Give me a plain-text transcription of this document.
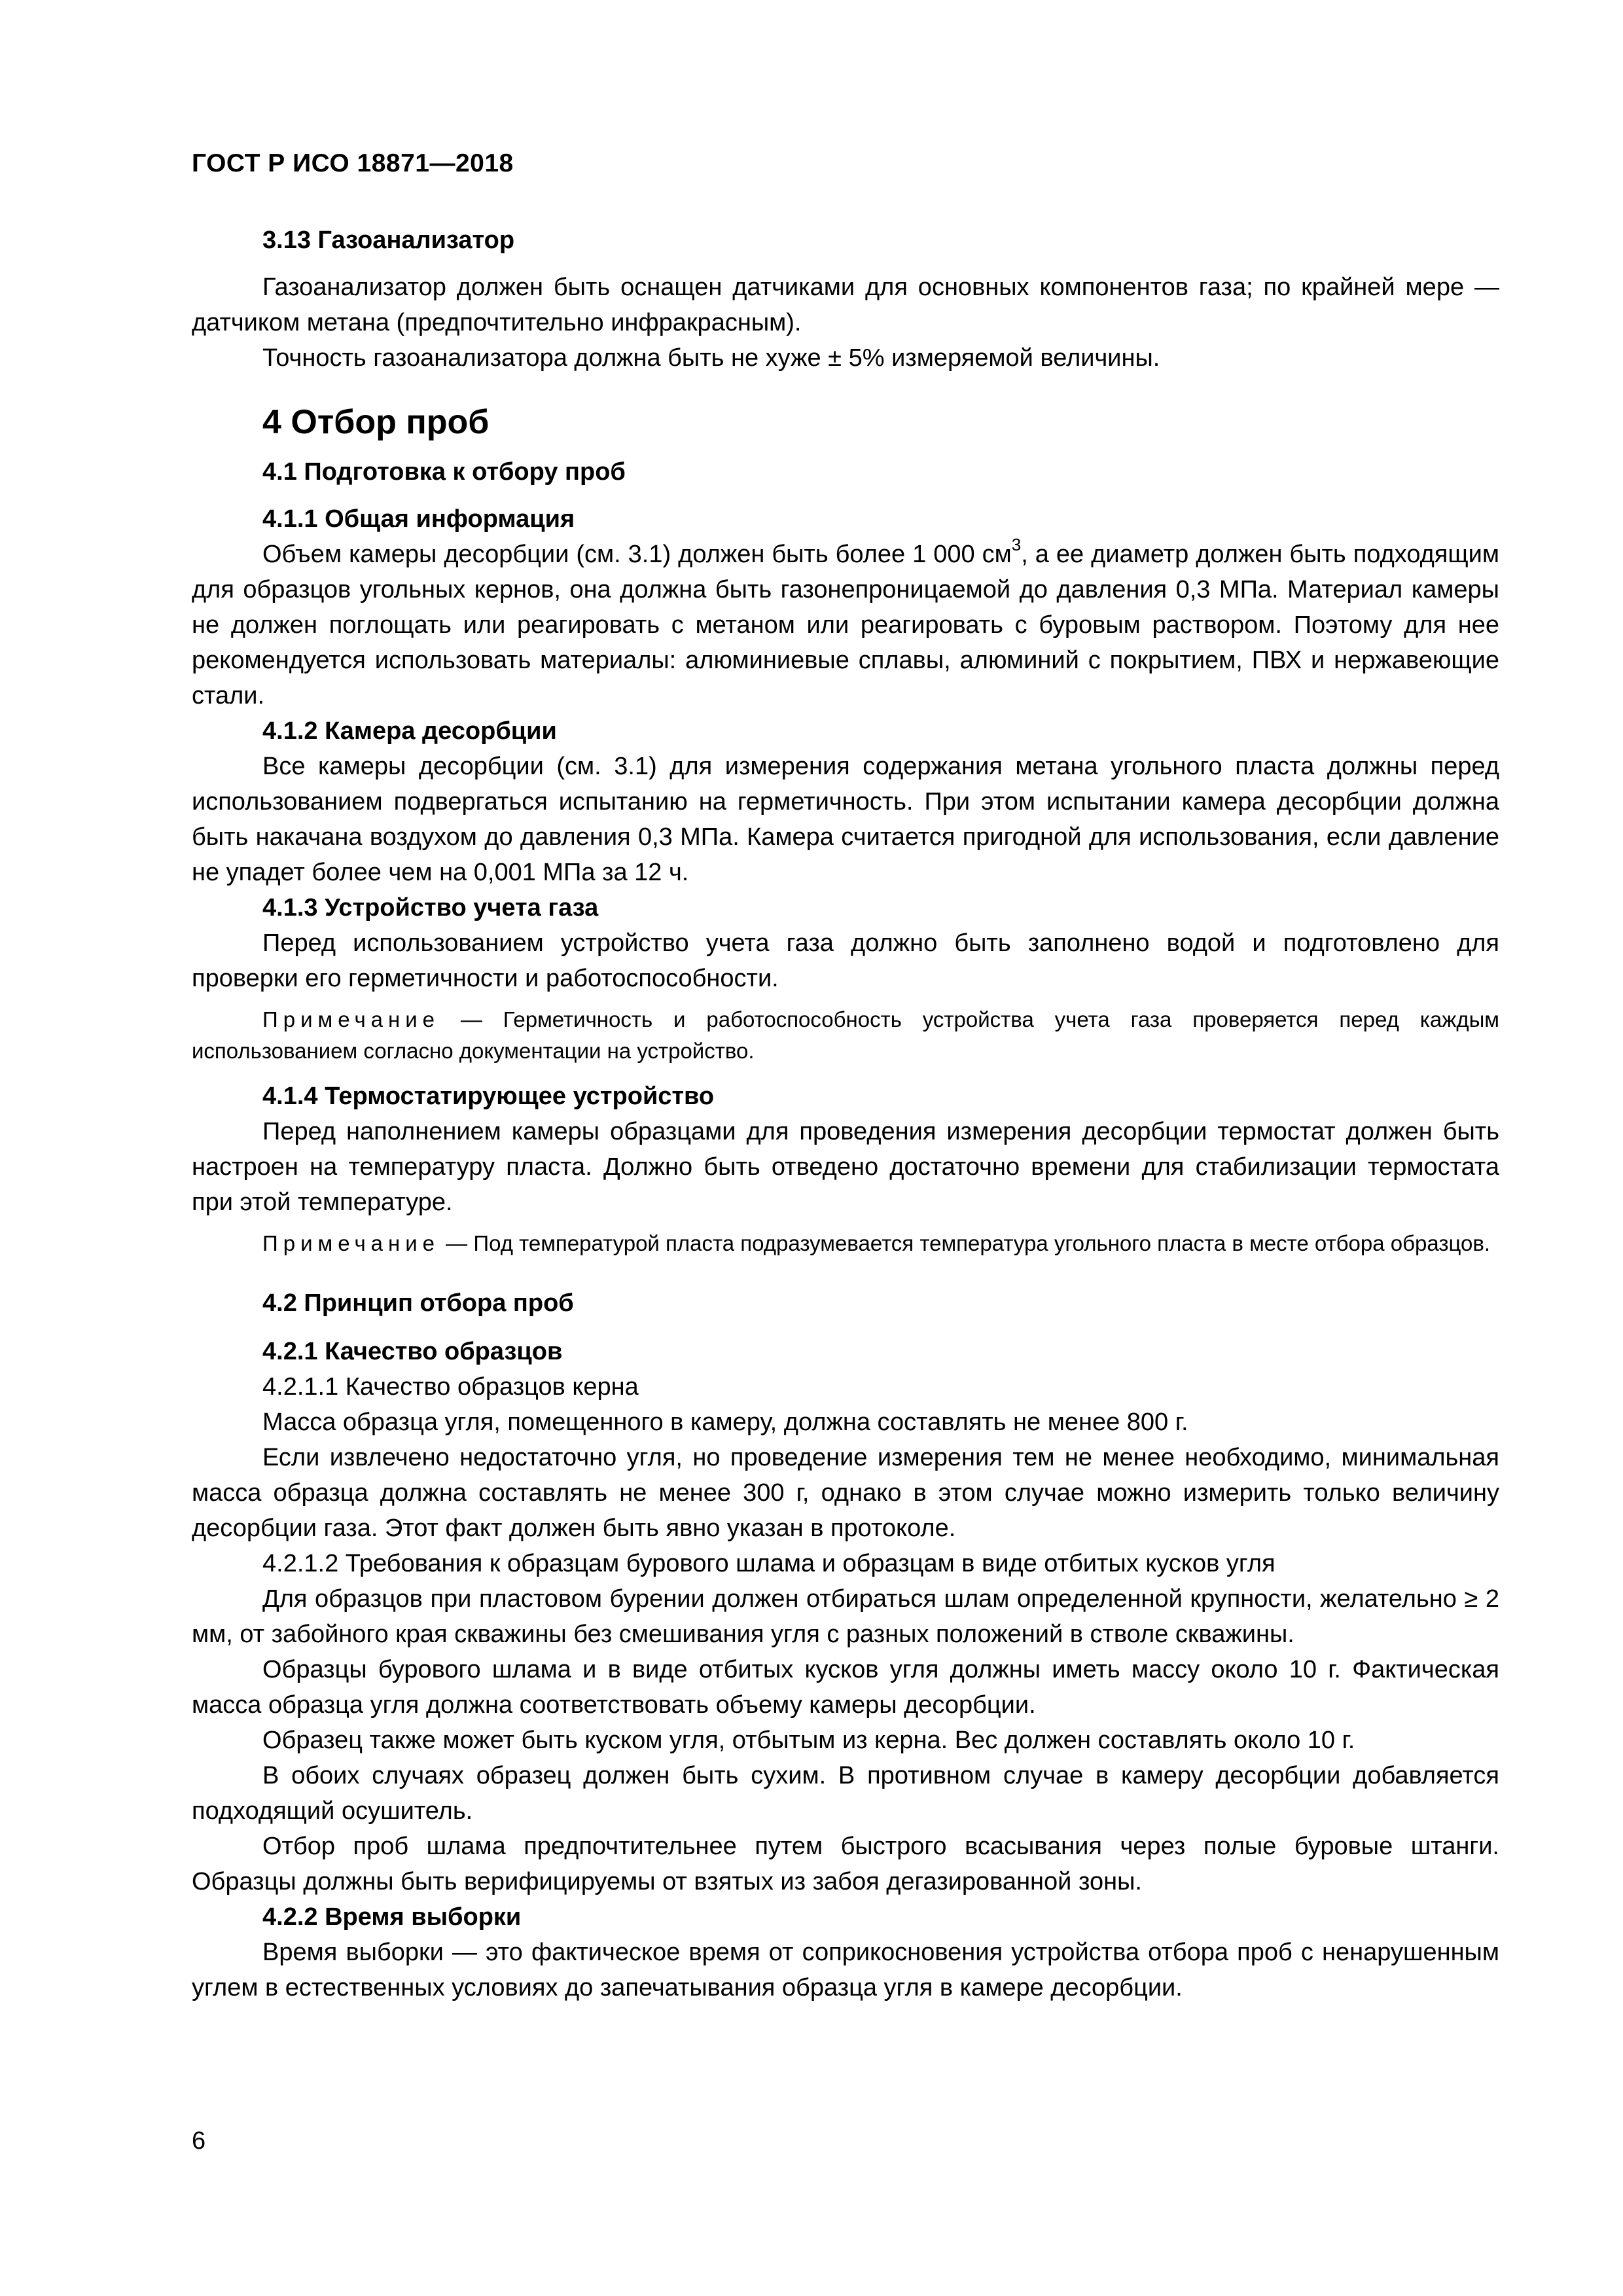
ГОСТ Р ИСО 18871—2018

3.13 Газоанализатор

Газоанализатор должен быть оснащен датчиками для основных компонентов газа; по крайней мере — датчиком метана (предпочтительно инфракрасным).

Точность газоанализатора должна быть не хуже ± 5% измеряемой величины.

4 Отбор проб

4.1 Подготовка к отбору проб

4.1.1 Общая информация

Объем камеры десорбции (см. 3.1) должен быть более 1 000 $см^3$, а ее диаметр должен быть подходящим для образцов угольных кернов, она должна быть газонепроницаемой до давления 0,3 МПа. Материал камеры не должен поглощать или реагировать с метаном или реагировать с буровым раствором. Поэтому для нее рекомендуется использовать материалы: алюминиевые сплавы, алюминий с покрытием, ПВХ и нержавеющие стали.

4.1.2 Камера десорбции

Все камеры десорбции (см. 3.1) для измерения содержания метана угольного пласта должны перед использованием подвергаться испытанию на герметичность. При этом испытании камера десорбции должна быть накачана воздухом до давления 0,3 МПа. Камера считается пригодной для использования, если давление не упадет более чем на 0,001 МПа за 12 ч.

4.1.3 Устройство учета газа

Перед использованием устройство учета газа должно быть заполнено водой и подготовлено для проверки его герметичности и работоспособности.

Примечание — Герметичность и работоспособность устройства учета газа проверяется перед каждым использованием согласно документации на устройство.

4.1.4 Термостатирующее устройство

Перед наполнением камеры образцами для проведения измерения десорбции термостат должен быть настроен на температуру пласта. Должно быть отведено достаточно времени для стабилизации термостата при этой температуре.

Примечание — Под температурой пласта подразумевается температура угольного пласта в месте отбора образцов.

4.2 Принцип отбора проб

4.2.1 Качество образцов

4.2.1.1 Качество образцов керна

Масса образца угля, помещенного в камеру, должна составлять не менее 800 г.

Если извлечено недостаточно угля, но проведение измерения тем не менее необходимо, минимальная масса образца должна составлять не менее 300 г, однако в этом случае можно измерить только величину десорбции газа. Этот факт должен быть явно указан в протоколе.

4.2.1.2 Требования к образцам бурового шлама и образцам в виде отбитых кусков угля

Для образцов при пластовом бурении должен отбираться шлам определенной крупности, желательно ≥ 2 мм, от забойного края скважины без смешивания угля с разных положений в стволе скважины.

Образцы бурового шлама и в виде отбитых кусков угля должны иметь массу около 10 г. Фактическая масса образца угля должна соответствовать объему камеры десорбции.

Образец также может быть куском угля, отбытым из керна. Вес должен составлять около 10 г.

В обоих случаях образец должен быть сухим. В противном случае в камеру десорбции добавляется подходящий осушитель.

Отбор проб шлама предпочтительнее путем быстрого всасывания через полые буровые штанги. Образцы должны быть верифицируемы от взятых из забоя дегазированной зоны.

4.2.2 Время выборки

Время выборки — это фактическое время от соприкосновения устройства отбора проб с ненарушенным углем в естественных условиях до запечатывания образца угля в камере десорбции.

6
